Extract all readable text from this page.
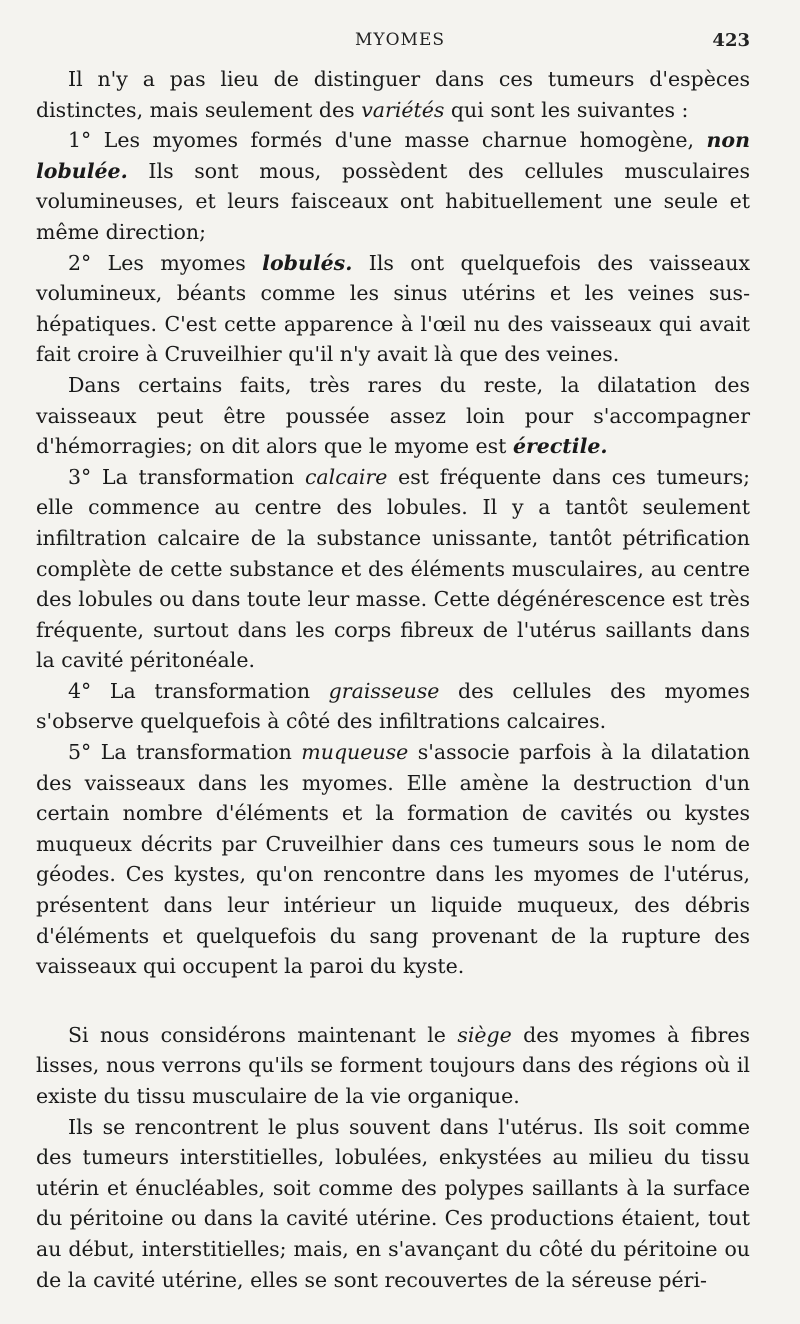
MYOMES	423

Il n'y a pas lieu de distinguer dans ces tumeurs d'espèces distinctes, mais seulement des variétés qui sont les suivantes :

1° Les myomes formés d'une masse charnue homogène, non lobulée. Ils sont mous, possèdent des cellules musculaires volumineuses, et leurs faisceaux ont habituellement une seule et même direction;

2° Les myomes lobulés. Ils ont quelquefois des vaisseaux volumineux, béants comme les sinus utérins et les veines sus-hépatiques. C'est cette apparence à l'œil nu des vaisseaux qui avait fait croire à Cruveilhier qu'il n'y avait là que des veines.

Dans certains faits, très rares du reste, la dilatation des vaisseaux peut être poussée assez loin pour s'accompagner d'hémorragies; on dit alors que le myome est érectile.

3° La transformation calcaire est fréquente dans ces tumeurs; elle commence au centre des lobules. Il y a tantôt seulement infiltration calcaire de la substance unissante, tantôt pétrification complète de cette substance et des éléments musculaires, au centre des lobules ou dans toute leur masse. Cette dégénérescence est très fréquente, surtout dans les corps fibreux de l'utérus saillants dans la cavité péritonéale.

4° La transformation graisseuse des cellules des myomes s'observe quelquefois à côté des infiltrations calcaires.

5° La transformation muqueuse s'associe parfois à la dilatation des vaisseaux dans les myomes. Elle amène la destruction d'un certain nombre d'éléments et la formation de cavités ou kystes muqueux décrits par Cruveilhier dans ces tumeurs sous le nom de géodes. Ces kystes, qu'on rencontre dans les myomes de l'utérus, présentent dans leur intérieur un liquide muqueux, des débris d'éléments et quelquefois du sang provenant de la rupture des vaisseaux qui occupent la paroi du kyste.

Si nous considérons maintenant le siège des myomes à fibres lisses, nous verrons qu'ils se forment toujours dans des régions où il existe du tissu musculaire de la vie organique.

Ils se rencontrent le plus souvent dans l'utérus. Ils soit comme des tumeurs interstitielles, lobulées, enkystées au milieu du tissu utérin et énucléables, soit comme des polypes saillants à la surface du péritoine ou dans la cavité utérine. Ces productions étaient, tout au début, interstitielles; mais, en s'avançant du côté du péritoine ou de la cavité utérine, elles se sont recouvertes de la séreuse péri-
